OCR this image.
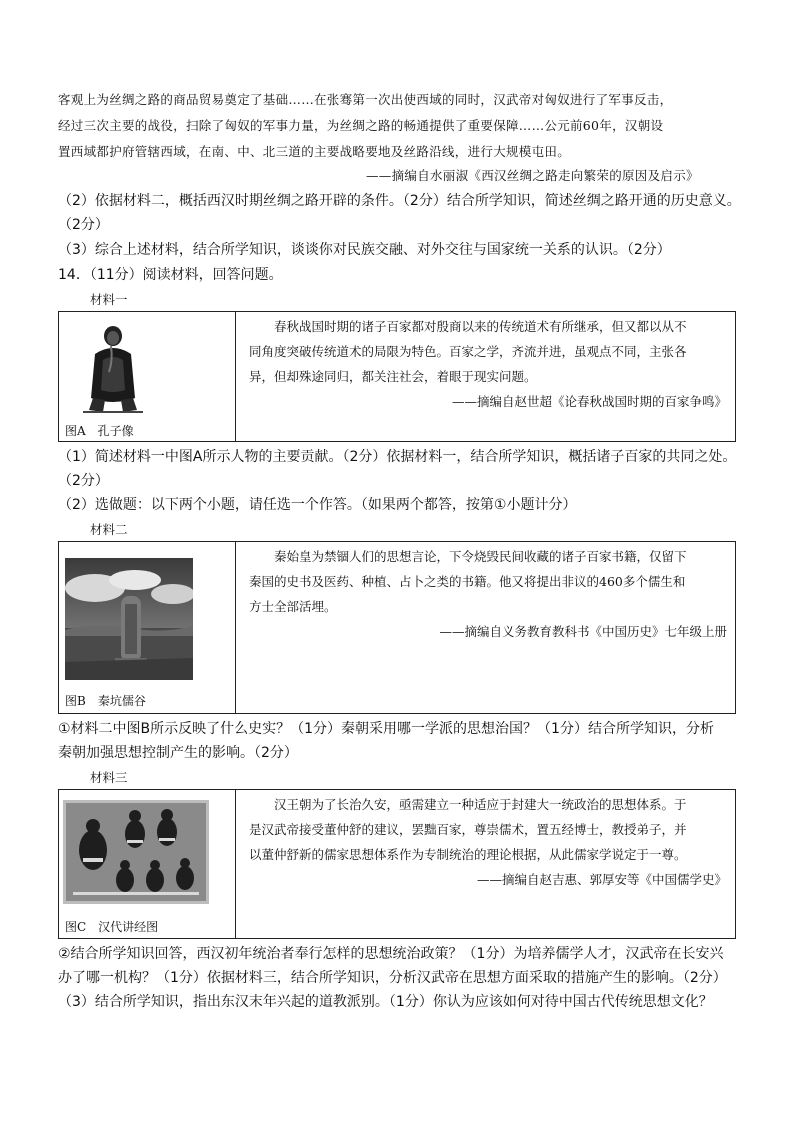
客观上为丝绸之路的商品贸易奠定了基础……在张骞第一次出使西域的同时，汉武帝对匈奴进行了军事反击，
经过三次主要的战役，扫除了匈奴的军事力量，为丝绸之路的畅通提供了重要保障……公元前60年，汉朝设
置西域都护府管辖西域，在南、中、北三道的主要战略要地及丝路沿线，进行大规模屯田。
——摘编自水丽淑《西汉丝绸之路走向繁荣的原因及启示》
（2）依据材料二，概括西汉时期丝绸之路开辟的条件。（2分）结合所学知识，简述丝绸之路开通的历史意义。
（2分）
（3）综合上述材料，结合所学知识，谈谈你对民族交融、对外交往与国家统一关系的认识。（2分）
14．（11分）阅读材料，回答问题。
材料一
图A　孔子像

春秋战国时期的诸子百家都对殷商以来的传统道术有所继承，但又都以从不

同角度突破传统道术的局限为特色。百家之学，齐流并进，虽观点不同，主张各

异，但却殊途同归，都关注社会，着眼于现实问题。

——摘编自赵世超《论春秋战国时期的百家争鸣》

（1）简述材料一中图A所示人物的主要贡献。（2分）依据材料一，结合所学知识，概括诸子百家的共同之处。
（2分）
（2）选做题：以下两个小题，请任选一个作答。（如果两个都答，按第①小题计分）
材料二
图B　秦坑儒谷

秦始皇为禁锢人们的思想言论，下令烧毁民间收藏的诸子百家书籍，仅留下

秦国的史书及医药、种植、占卜之类的书籍。他又将提出非议的460多个儒生和

方士全部活埋。

——摘编自义务教育教科书《中国历史》七年级上册

①材料二中图B所示反映了什么史实？（1分）秦朝采用哪一学派的思想治国？（1分）结合所学知识，分析
秦朝加强思想控制产生的影响。（2分）
材料三
图C　汉代讲经图

汉王朝为了长治久安，亟需建立一种适应于封建大一统政治的思想体系。于

是汉武帝接受董仲舒的建议，罢黜百家，尊崇儒术，置五经博士，教授弟子，并

以董仲舒新的儒家思想体系作为专制统治的理论根据，从此儒家学说定于一尊。

——摘编自赵吉惠、郭厚安等《中国儒学史》

②结合所学知识回答，西汉初年统治者奉行怎样的思想统治政策？（1分）为培养儒学人才，汉武帝在长安兴
办了哪一机构？（1分）依据材料三，结合所学知识，分析汉武帝在思想方面采取的措施产生的影响。（2分）
（3）结合所学知识，指出东汉末年兴起的道教派别。（1分）你认为应该如何对待中国古代传统思想文化？
